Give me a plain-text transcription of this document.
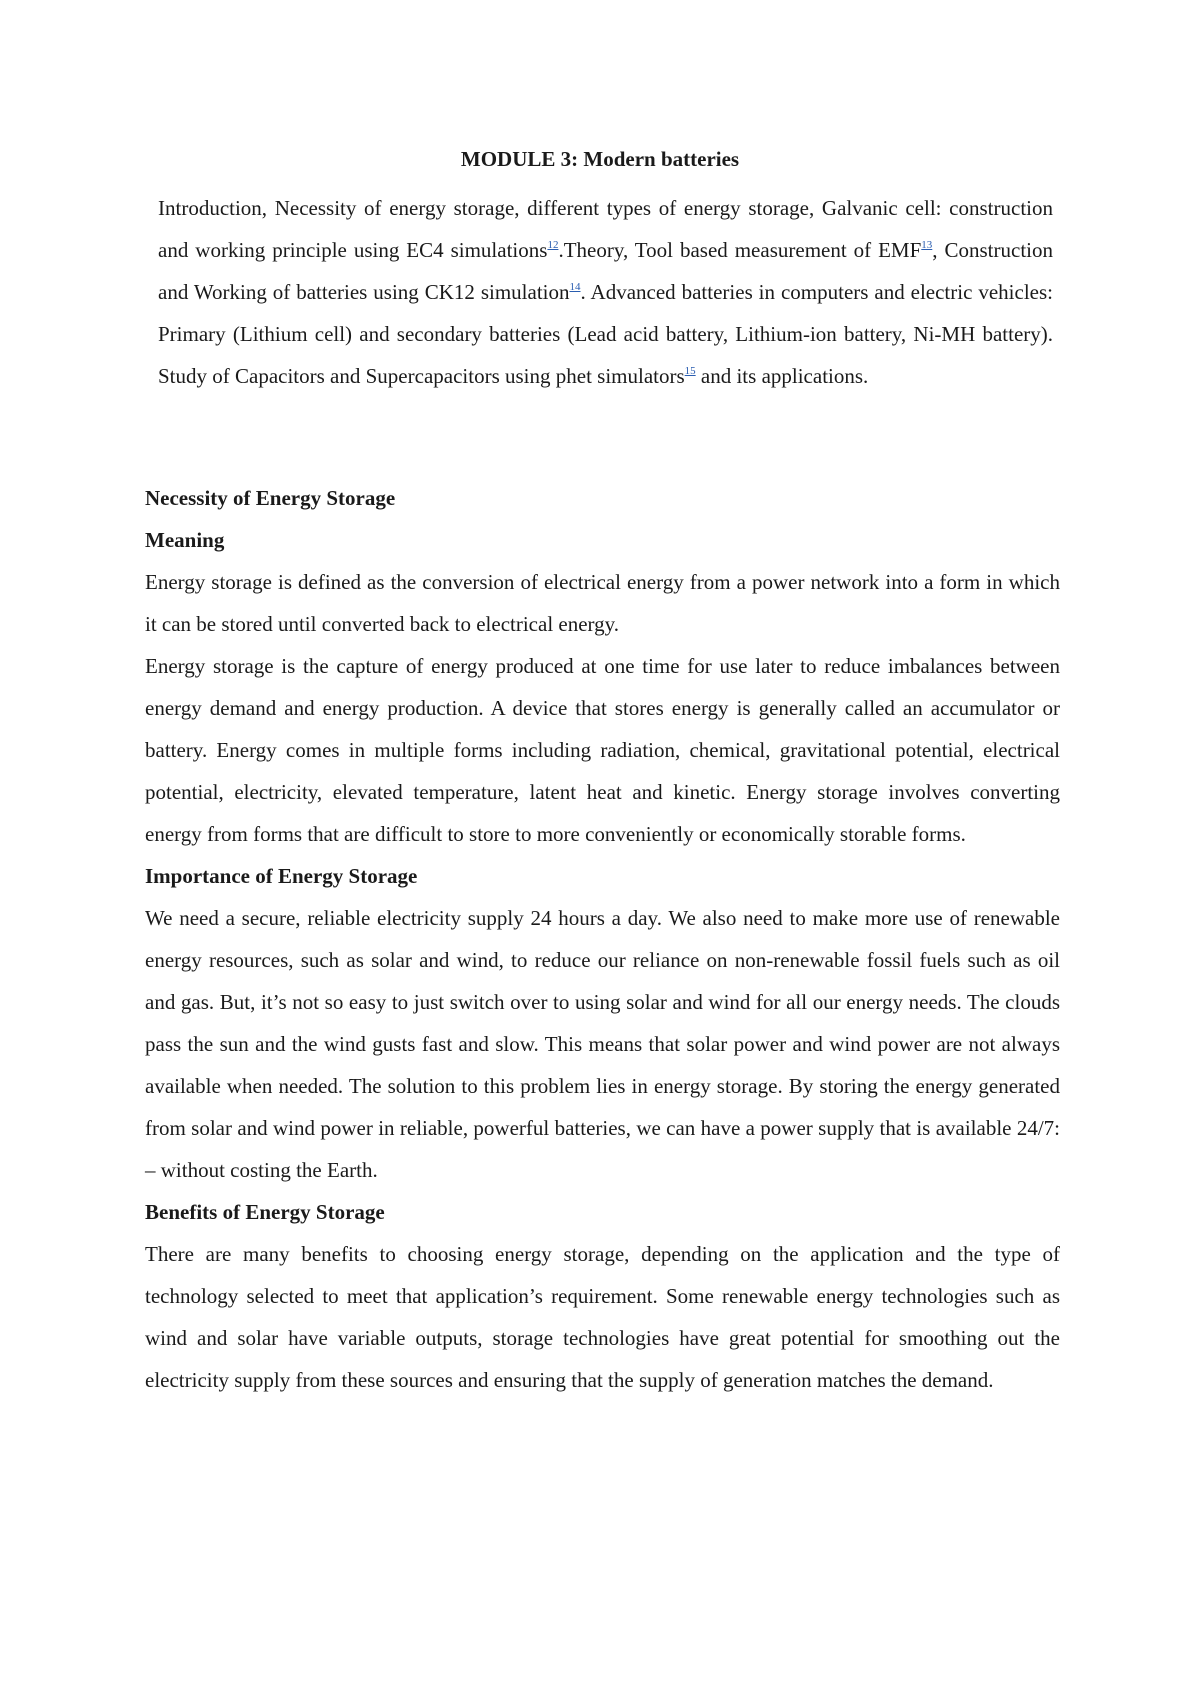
MODULE 3: Modern batteries

Introduction, Necessity of energy storage, different types of energy storage, Galvanic cell: construction and working principle using EC4 simulations$^{12}$.Theory, Tool based measurement of EMF$^{13}$, Construction and Working of batteries using CK12 simulation$^{14}$. Advanced batteries in computers and electric vehicles: Primary (Lithium cell) and secondary batteries (Lead acid battery, Lithium-ion battery, Ni-MH battery). Study of Capacitors and Supercapacitors using phet simulators$^{15}$ and its applications.

Necessity of Energy Storage
Meaning

Energy storage is defined as the conversion of electrical energy from a power network into a form in which it can be stored until converted back to electrical energy.

Energy storage is the capture of energy produced at one time for use later to reduce imbalances between energy demand and energy production. A device that stores energy is generally called an accumulator or battery. Energy comes in multiple forms including radiation, chemical, gravitational potential, electrical potential, electricity, elevated temperature, latent heat and kinetic. Energy storage involves converting energy from forms that are difficult to store to more conveniently or economically storable forms.

Importance of Energy Storage

We need a secure, reliable electricity supply 24 hours a day. We also need to make more use of renewable energy resources, such as solar and wind, to reduce our reliance on non-renewable fossil fuels such as oil and gas. But, it’s not so easy to just switch over to using solar and wind for all our energy needs. The clouds pass the sun and the wind gusts fast and slow. This means that solar power and wind power are not always available when needed. The solution to this problem lies in energy storage. By storing the energy generated from solar and wind power in reliable, powerful batteries, we can have a power supply that is available 24/7: – without costing the Earth.

Benefits of Energy Storage

There are many benefits to choosing energy storage, depending on the application and the type of technology selected to meet that application’s requirement. Some renewable energy technologies such as wind and solar have variable outputs, storage technologies have great potential for smoothing out the electricity supply from these sources and ensuring that the supply of generation matches the demand.
